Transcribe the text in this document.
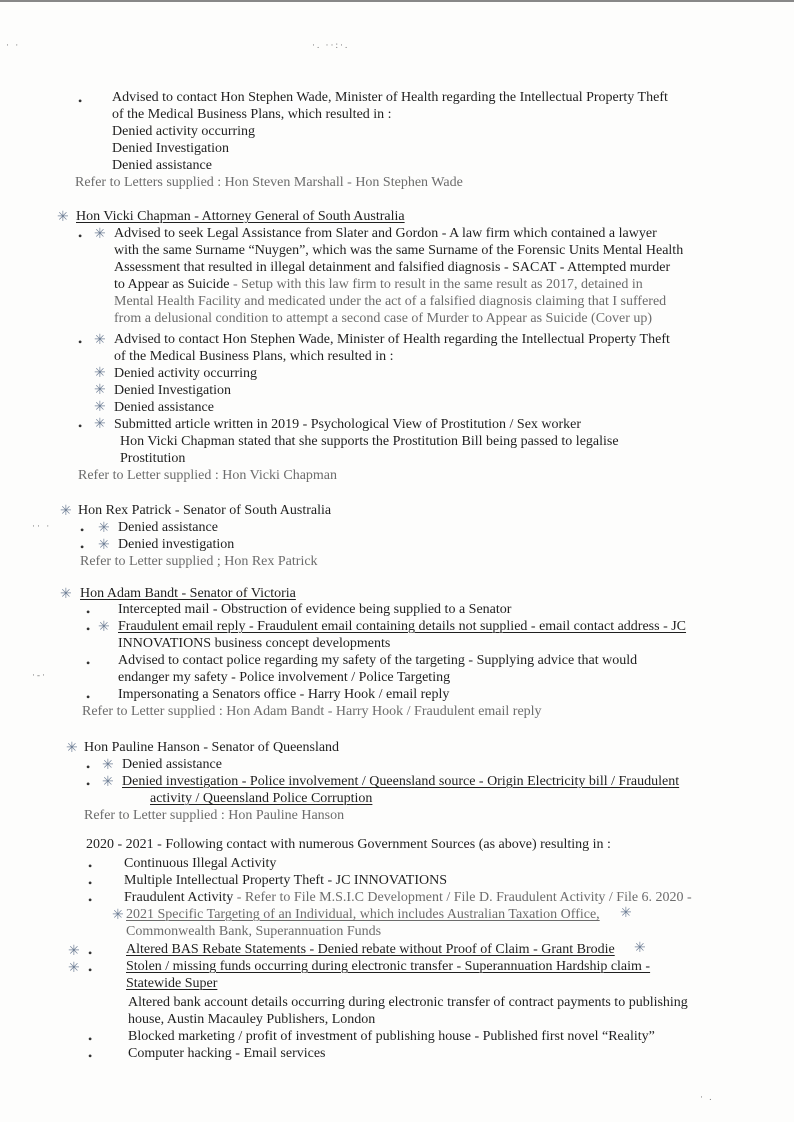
· ·	·. ··:·.
· .
·· ·
·-·
• Advised to contact Hon Stephen Wade, Minister of Health regarding the Intellectual Property Theft
of the Medical Business Plans, which resulted in :
Denied activity occurring
Denied Investigation
Denied assistance
Refer to Letters supplied : Hon Steven Marshall - Hon Stephen Wade
✳ Hon Vicki Chapman - Attorney General of South Australia
• ✳ Advised to seek Legal Assistance from Slater and Gordon - A law firm which contained a lawyer
with the same Surname “Nuygen”, which was the same Surname of the Forensic Units Mental Health
Assessment that resulted in illegal detainment and falsified diagnosis - SACAT - Attempted murder
to Appear as Suicide - Setup with this law firm to result in the same result as 2017, detained in
Mental Health Facility and medicated under the act of a falsified diagnosis claiming that I suffered
from a delusional condition to attempt a second case of Murder to Appear as Suicide (Cover up)
• ✳ Advised to contact Hon Stephen Wade, Minister of Health regarding the Intellectual Property Theft
of the Medical Business Plans, which resulted in :
✳ Denied activity occurring
✳ Denied Investigation
✳ Denied assistance
• ✳ Submitted article written in 2019 - Psychological View of Prostitution / Sex worker
Hon Vicki Chapman stated that she supports the Prostitution Bill being passed to legalise
Prostitution
Refer to Letter supplied : Hon Vicki Chapman
✳ Hon Rex Patrick - Senator of South Australia
• ✳ Denied assistance
• ✳ Denied investigation
Refer to Letter supplied ; Hon Rex Patrick
✳ Hon Adam Bandt - Senator of Victoria
• Intercepted mail - Obstruction of evidence being supplied to a Senator
• ✳ Fraudulent email reply - Fraudulent email containing details not supplied - email contact address - JC
INNOVATIONS business concept developments
• Advised to contact police regarding my safety of the targeting - Supplying advice that would
endanger my safety - Police involvement / Police Targeting
• Impersonating a Senators office - Harry Hook / email reply
Refer to Letter supplied : Hon Adam Bandt - Harry Hook / Fraudulent email reply
✳ Hon Pauline Hanson - Senator of Queensland
• ✳ Denied assistance
• ✳ Denied investigation - Police involvement / Queensland source - Origin Electricity bill / Fraudulent
activity / Queensland Police Corruption
Refer to Letter supplied : Hon Pauline Hanson
2020 - 2021 - Following contact with numerous Government Sources (as above) resulting in :
• Continuous Illegal Activity
• Multiple Intellectual Property Theft - JC INNOVATIONS
• Fraudulent Activity - Refer to File M.S.I.C Development / File D. Fraudulent Activity / File 6. 2020 -
✳ 2021 Specific Targeting of an Individual, which includes Australian Taxation Office, ✳
Commonwealth Bank, Superannuation Funds
✳ • Altered BAS Rebate Statements - Denied rebate without Proof of Claim - Grant Brodie ✳
✳ • Stolen / missing funds occurring during electronic transfer - Superannuation Hardship claim -
Statewide Super
Altered bank account details occurring during electronic transfer of contract payments to publishing
house, Austin Macauley Publishers, London
•	Blocked marketing / profit of investment of publishing house - Published first novel “Reality”
•	Computer hacking - Email services
